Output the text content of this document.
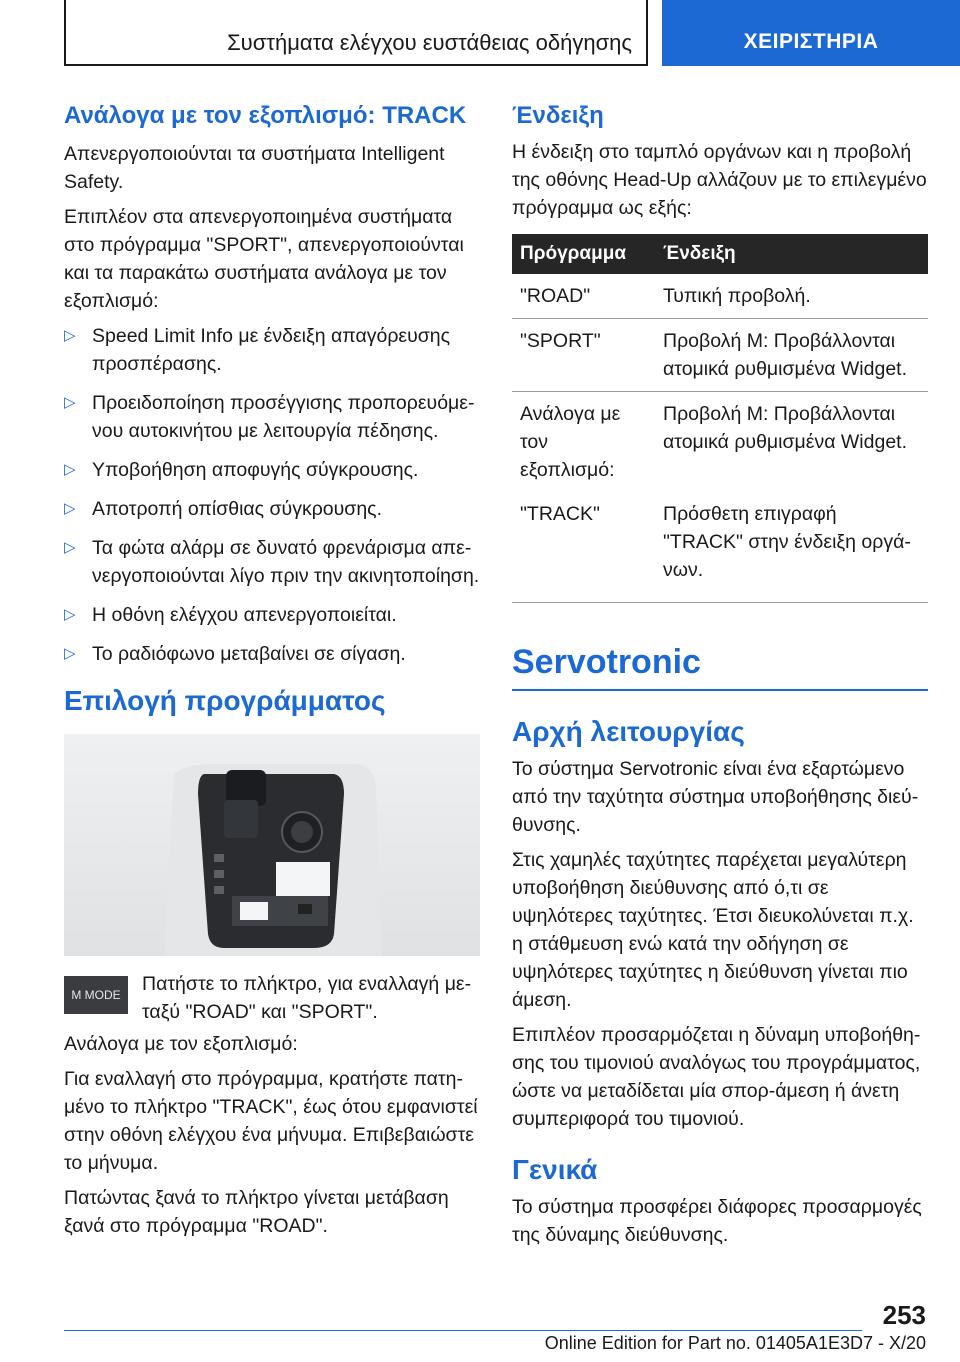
Συστήματα ελέγχου ευστάθειας οδήγησης	ΧΕΙΡΙΣΤΗΡΙΑ
Ανάλογα με τον εξοπλισμό: TRACK

Απενεργοποιούνται τα συστήματα Intelligent Safety.

Επιπλέον στα απενεργοποιημένα συστήματα στο πρόγραμμα "SPORT", απενεργοποιούνται και τα παρακάτω συστήματα ανάλογα με τον εξοπλισμό:

▷ Speed Limit Info με ένδειξη απαγόρευσης προσπέρασης.
▷ Προειδοποίηση προσέγγισης προπορευόμενου αυτοκινήτου με λειτουργία πέδησης.
▷ Υποβοήθηση αποφυγής σύγκρουσης.
▷ Αποτροπή οπίσθιας σύγκρουσης.
▷ Τα φώτα αλάρμ σε δυνατό φρενάρισμα απενεργοποιούνται λίγο πριν την ακινητοποίηση.
▷ Η οθόνη ελέγχου απενεργοποιείται.
▷ Το ραδιόφωνο μεταβαίνει σε σίγαση.
Επιλογή προγράμματος
M MODE Πατήστε το πλήκτρο, για εναλλαγή μεταξύ "ROAD" και "SPORT".

Ανάλογα με τον εξοπλισμό:

Για εναλλαγή στο πρόγραμμα, κρατήστε πατημένο το πλήκτρο "TRACK", έως ότου εμφανιστεί στην οθόνη ελέγχου ένα μήνυμα. Επιβεβαιώστε το μήνυμα.

Πατώντας ξανά το πλήκτρο γίνεται μετάβαση ξανά στο πρόγραμμα "ROAD".

Ένδειξη

Η ένδειξη στο ταμπλό οργάνων και η προβολή της οθόνης Head-Up αλλάζουν με το επιλεγμένο πρόγραμμα ως εξής:

Πρόγραμμα	Ένδειξη
"ROAD"	Τυπική προβολή.
"SPORT"	Προβολή M: Προβάλλονται ατομικά ρυθμισμένα Widget.
Ανάλογα με τον εξοπλισμό:	Προβολή M: Προβάλλονται ατομικά ρυθμισμένα Widget.
"TRACK"	Πρόσθετη επιγραφή "TRACK" στην ένδειξη οργάνων.
Servotronic
Αρχή λειτουργίας

Το σύστημα Servotronic είναι ένα εξαρτώμενο από την ταχύτητα σύστημα υποβοήθησης διεύθυνσης.

Στις χαμηλές ταχύτητες παρέχεται μεγαλύτερη υποβοήθηση διεύθυνσης από ό,τι σε υψηλότερες ταχύτητες. Έτσι διευκολύνεται π.χ. η στάθμευση ενώ κατά την οδήγηση σε υψηλότερες ταχύτητες η διεύθυνση γίνεται πιο άμεση.

Επιπλέον προσαρμόζεται η δύναμη υποβοήθησης του τιμονιού αναλόγως του προγράμματος, ώστε να μεταδίδεται μία σπορ-άμεση ή άνετη συμπεριφορά του τιμονιού.

Γενικά

Το σύστημα προσφέρει διάφορες προσαρμογές της δύναμης διεύθυνσης.

253
Online Edition for Part no. 01405A1E3D7 - X/20
